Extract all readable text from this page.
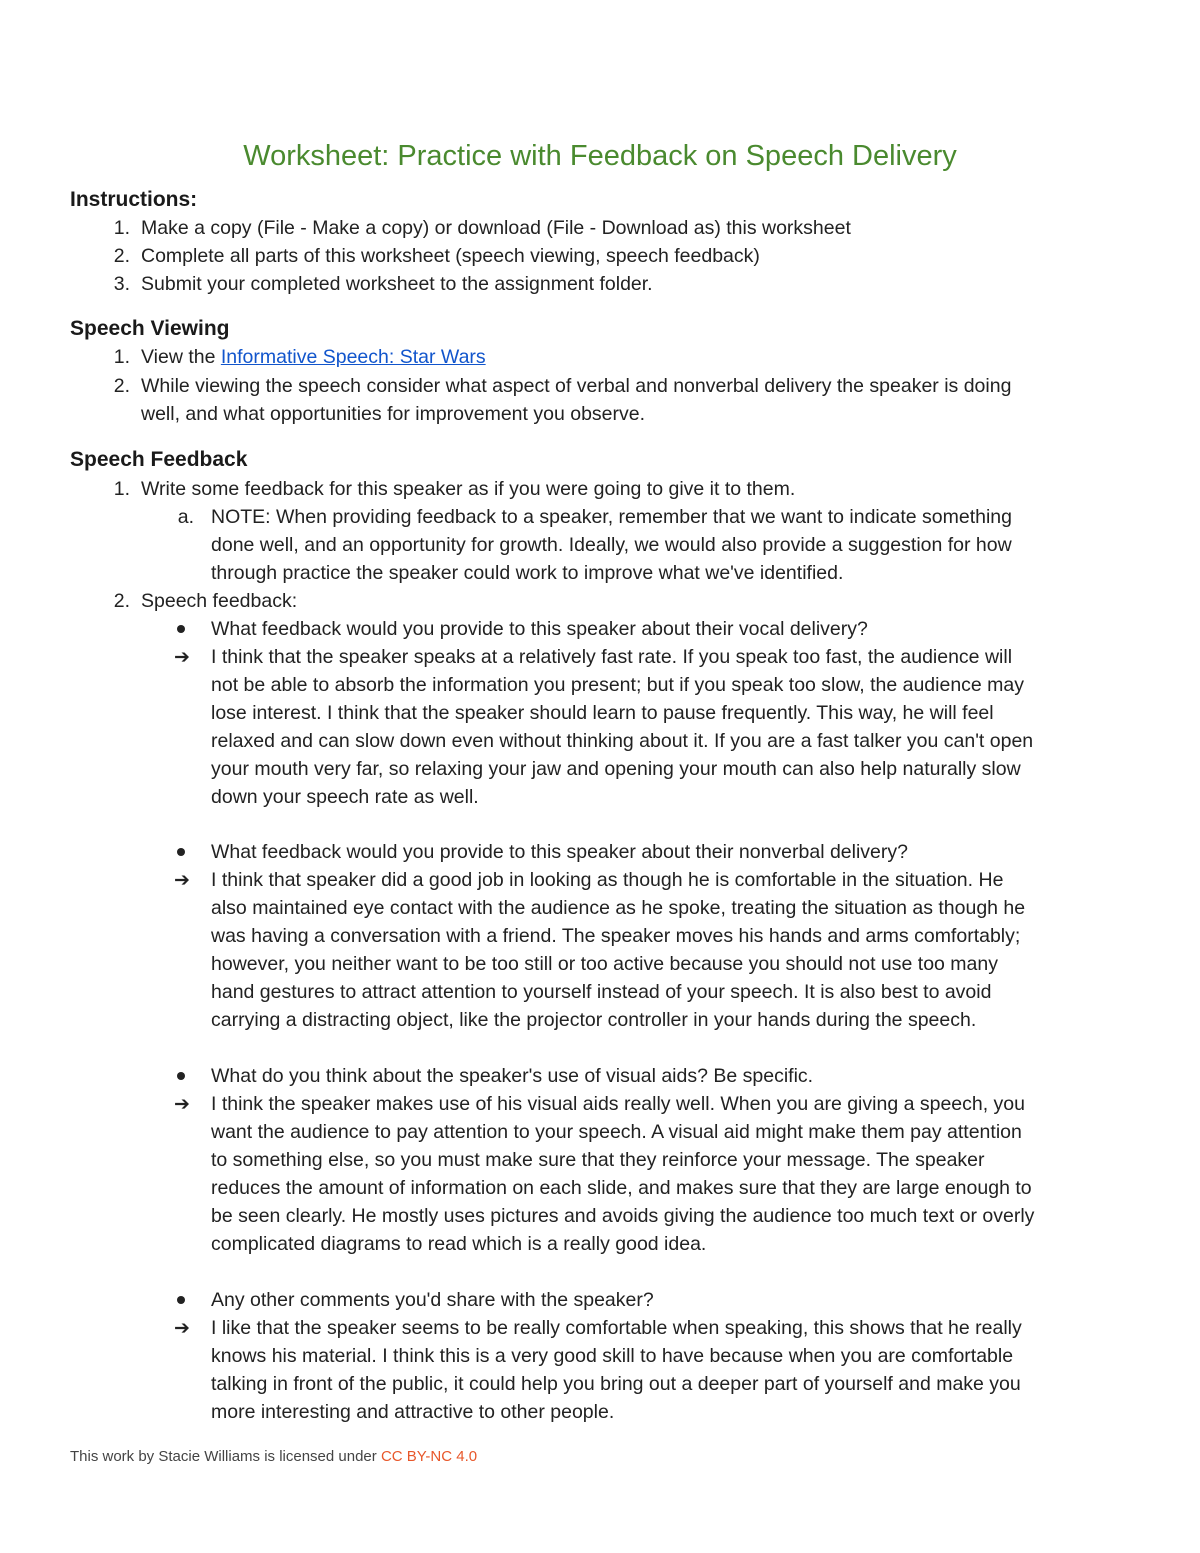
Worksheet: Practice with Feedback on Speech Delivery
Instructions:
1. Make a copy (File - Make a copy) or download (File - Download as) this worksheet
2. Complete all parts of this worksheet (speech viewing, speech feedback)
3. Submit your completed worksheet to the assignment folder.
Speech Viewing
1. View the Informative Speech: Star Wars
2. While viewing the speech consider what aspect of verbal and nonverbal delivery the speaker is doing
well, and what opportunities for improvement you observe.
Speech Feedback
1. Write some feedback for this speaker as if you were going to give it to them.
a. NOTE: When providing feedback to a speaker, remember that we want to indicate something
done well, and an opportunity for growth. Ideally, we would also provide a suggestion for how
through practice the speaker could work to improve what we've identified.
2. Speech feedback:
What feedback would you provide to this speaker about their vocal delivery?
➔ I think that the speaker speaks at a relatively fast rate. If you speak too fast, the audience will
not be able to absorb the information you present; but if you speak too slow, the audience may
lose interest. I think that the speaker should learn to pause frequently. This way, he will feel
relaxed and can slow down even without thinking about it. If you are a fast talker you can't open
your mouth very far, so relaxing your jaw and opening your mouth can also help naturally slow
down your speech rate as well.
What feedback would you provide to this speaker about their nonverbal delivery?
➔ I think that speaker did a good job in looking as though he is comfortable in the situation. He
also maintained eye contact with the audience as he spoke, treating the situation as though he
was having a conversation with a friend. The speaker moves his hands and arms comfortably;
however, you neither want to be too still or too active because you should not use too many
hand gestures to attract attention to yourself instead of your speech. It is also best to avoid
carrying a distracting object, like the projector controller in your hands during the speech.
What do you think about the speaker's use of visual aids? Be specific.
➔ I think the speaker makes use of his visual aids really well. When you are giving a speech, you
want the audience to pay attention to your speech. A visual aid might make them pay attention
to something else, so you must make sure that they reinforce your message. The speaker
reduces the amount of information on each slide, and makes sure that they are large enough to
be seen clearly. He mostly uses pictures and avoids giving the audience too much text or overly
complicated diagrams to read which is a really good idea.
Any other comments you'd share with the speaker?
➔ I like that the speaker seems to be really comfortable when speaking, this shows that he really
knows his material. I think this is a very good skill to have because when you are comfortable
talking in front of the public, it could help you bring out a deeper part of yourself and make you
more interesting and attractive to other people.
This work by Stacie Williams is licensed under CC BY-NC 4.0
